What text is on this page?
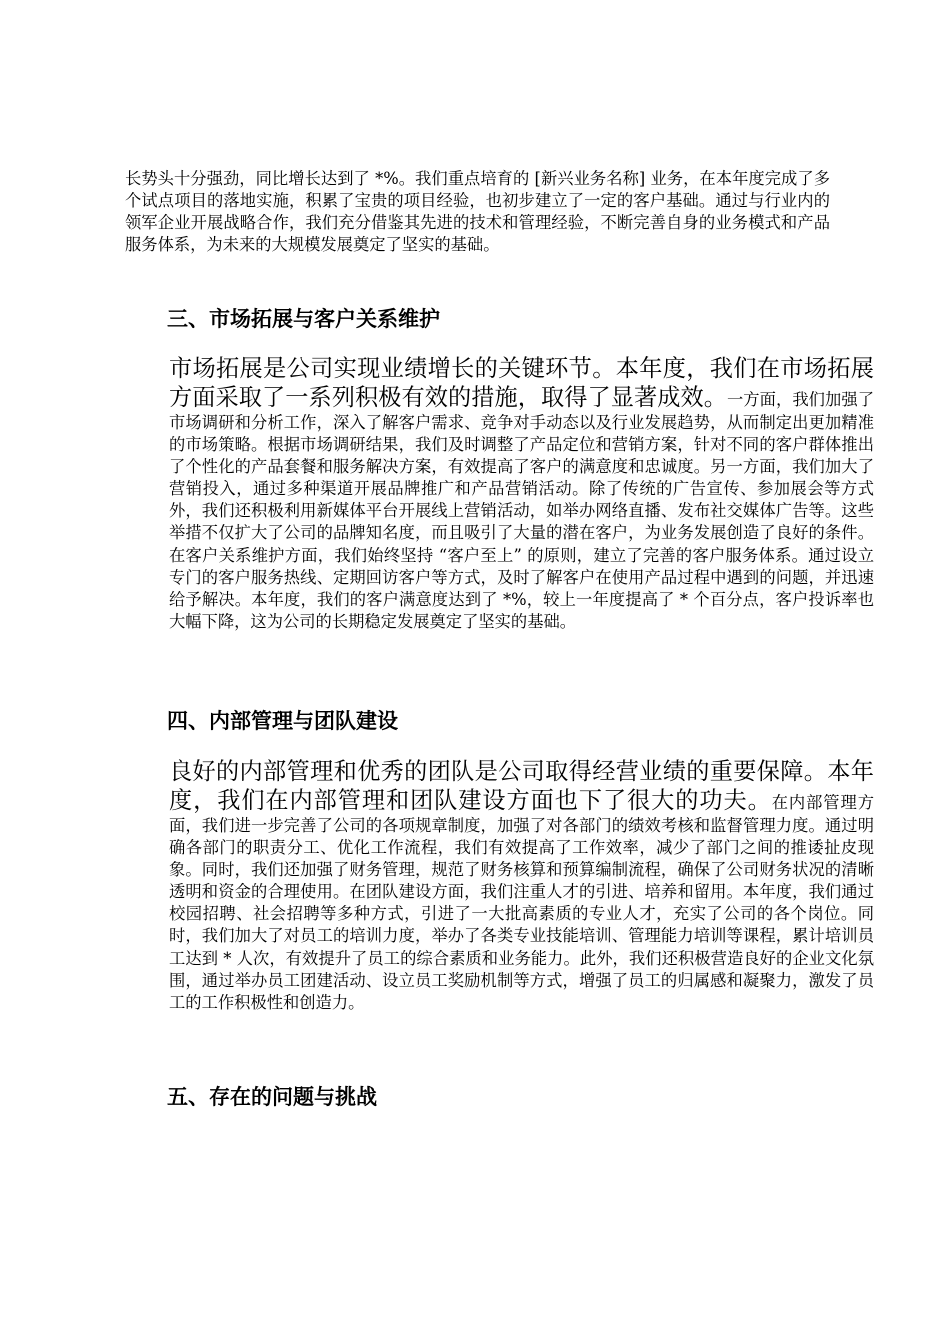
长势头十分强劲，同比增长达到了 *%。我们重点培育的 [新兴业务名称] 业务，在本年度完成了多个试点项目的落地实施，积累了宝贵的项目经验，也初步建立了一定的客户基础。通过与行业内的领军企业开展战略合作，我们充分借鉴其先进的技术和管理经验，不断完善自身的业务模式和产品服务体系，为未来的大规模发展奠定了坚实的基础。

三、市场拓展与客户关系维护

市场拓展是公司实现业绩增长的关键环节。本年度，我们在市场拓展方面采取了一系列积极有效的措施，取得了显著成效。一方面，我们加强了市场调研和分析工作，深入了解客户需求、竞争对手动态以及行业发展趋势，从而制定出更加精准的市场策略。根据市场调研结果，我们及时调整了产品定位和营销方案，针对不同的客户群体推出了个性化的产品套餐和服务解决方案，有效提高了客户的满意度和忠诚度。另一方面，我们加大了营销投入，通过多种渠道开展品牌推广和产品营销活动。除了传统的广告宣传、参加展会等方式外，我们还积极利用新媒体平台开展线上营销活动，如举办网络直播、发布社交媒体广告等。这些举措不仅扩大了公司的品牌知名度，而且吸引了大量的潜在客户，为业务发展创造了良好的条件。在客户关系维护方面，我们始终坚持 “客户至上” 的原则，建立了完善的客户服务体系。通过设立专门的客户服务热线、定期回访客户等方式，及时了解客户在使用产品过程中遇到的问题，并迅速给予解决。本年度，我们的客户满意度达到了 *%，较上一年度提高了 * 个百分点，客户投诉率也大幅下降，这为公司的长期稳定发展奠定了坚实的基础。

四、内部管理与团队建设

良好的内部管理和优秀的团队是公司取得经营业绩的重要保障。本年度，我们在内部管理和团队建设方面也下了很大的功夫。在内部管理方面，我们进一步完善了公司的各项规章制度，加强了对各部门的绩效考核和监督管理力度。通过明确各部门的职责分工、优化工作流程，我们有效提高了工作效率，减少了部门之间的推诿扯皮现象。同时，我们还加强了财务管理，规范了财务核算和预算编制流程，确保了公司财务状况的清晰透明和资金的合理使用。在团队建设方面，我们注重人才的引进、培养和留用。本年度，我们通过校园招聘、社会招聘等多种方式，引进了一大批高素质的专业人才，充实了公司的各个岗位。同时，我们加大了对员工的培训力度，举办了各类专业技能培训、管理能力培训等课程，累计培训员工达到 * 人次，有效提升了员工的综合素质和业务能力。此外，我们还积极营造良好的企业文化氛围，通过举办员工团建活动、设立员工奖励机制等方式，增强了员工的归属感和凝聚力，激发了员工的工作积极性和创造力。

五、存在的问题与挑战
